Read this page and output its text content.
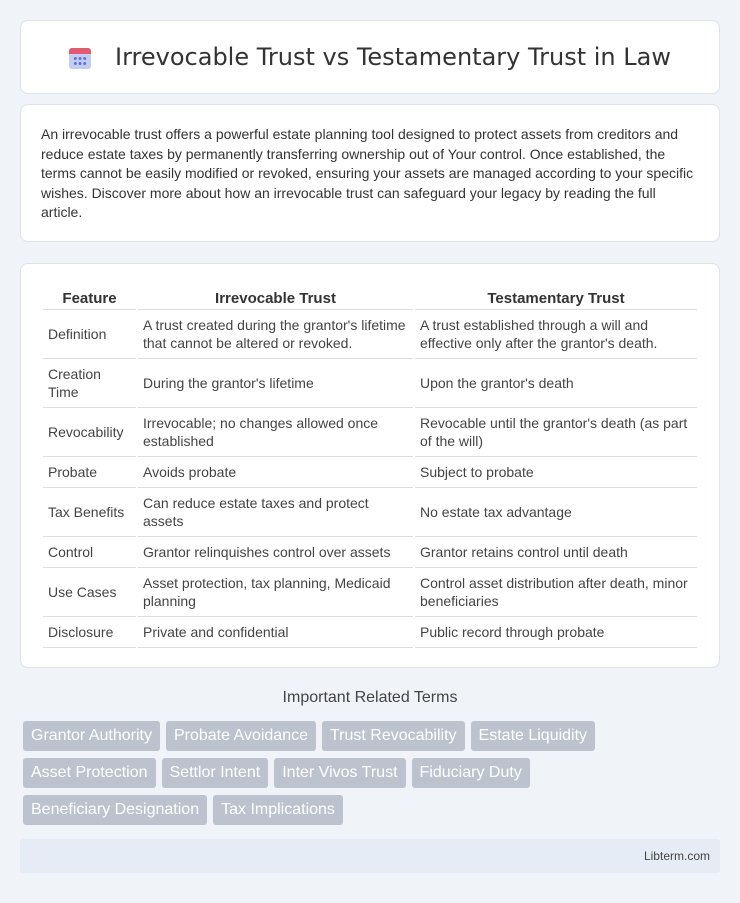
Irrevocable Trust vs Testamentary Trust in Law

An irrevocable trust offers a powerful estate planning tool designed to protect assets from creditors and reduce estate taxes by permanently transferring ownership out of Your control. Once established, the terms cannot be easily modified or revoked, ensuring your assets are managed according to your specific wishes. Discover more about how an irrevocable trust can safeguard your legacy by reading the full article.

Feature	Irrevocable Trust	Testamentary Trust
Definition	A trust created during the grantor's lifetime that cannot be altered or revoked.	A trust established through a will and effective only after the grantor's death.
Creation Time	During the grantor's lifetime	Upon the grantor's death
Revocability	Irrevocable; no changes allowed once established	Revocable until the grantor's death (as part of the will)
Probate	Avoids probate	Subject to probate
Tax Benefits	Can reduce estate taxes and protect assets	No estate tax advantage
Control	Grantor relinquishes control over assets	Grantor retains control until death
Use Cases	Asset protection, tax planning, Medicaid planning	Control asset distribution after death, minor beneficiaries
Disclosure	Private and confidential	Public record through probate
Important Related Terms
Grantor Authority	Probate Avoidance	Trust Revocability	Estate Liquidity
Asset Protection	Settlor Intent	Inter Vivos Trust	Fiduciary Duty
Beneficiary Designation	Tax Implications
Libterm.com
